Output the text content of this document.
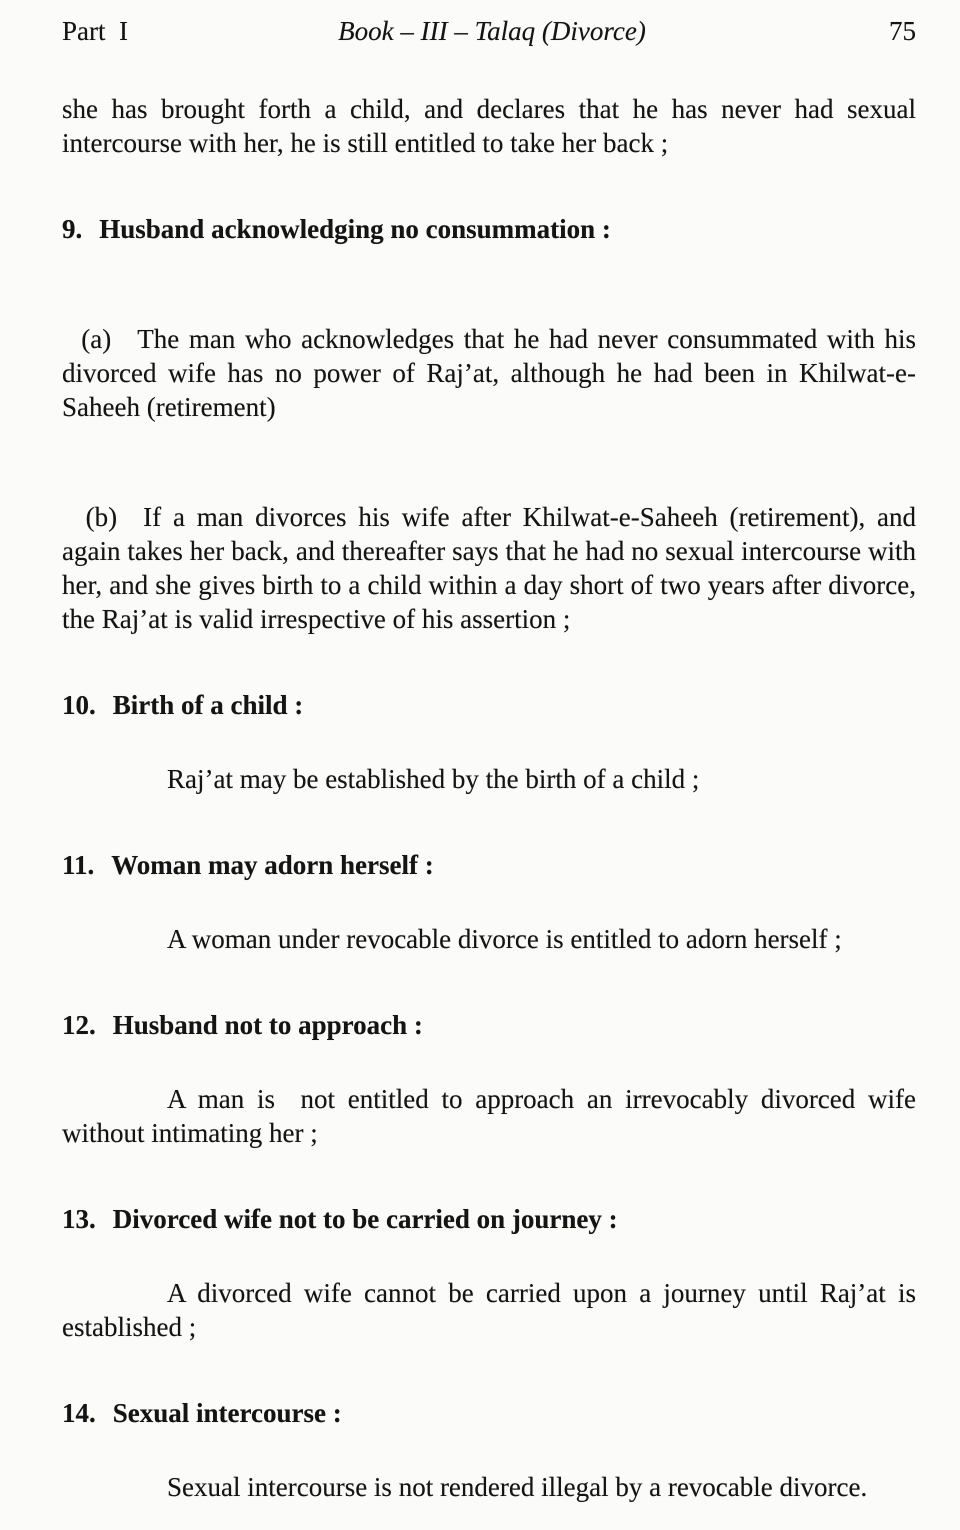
Part  I	Book – III – Talaq (Divorce)	75

she has brought forth a child, and declares that he has never had sexual intercourse with her, he is still entitled to take her back ;

9. Husband acknowledging no consummation :

(a) The man who acknowledges that he had never consummated with his divorced wife has no power of Raj’at, although he had been in Khilwat-e-Saheeh (retirement)

(b) If a man divorces his wife after Khilwat-e-Saheeh (retirement), and again takes her back, and thereafter says that he had no sexual intercourse with her, and she gives birth to a child within a day short of two years after divorce, the Raj’at is valid irrespective of his assertion ;

10. Birth of a child :

Raj’at may be established by the birth of a child ;

11. Woman may adorn herself :

A woman under revocable divorce is entitled to adorn herself ;

12. Husband not to approach :

A man is  not entitled to approach an irrevocably divorced wife without intimating her ;

13. Divorced wife not to be carried on journey :

A divorced wife cannot be carried upon a journey until Raj’at is established ;

14. Sexual intercourse :

Sexual intercourse is not rendered illegal by a revocable divorce.
